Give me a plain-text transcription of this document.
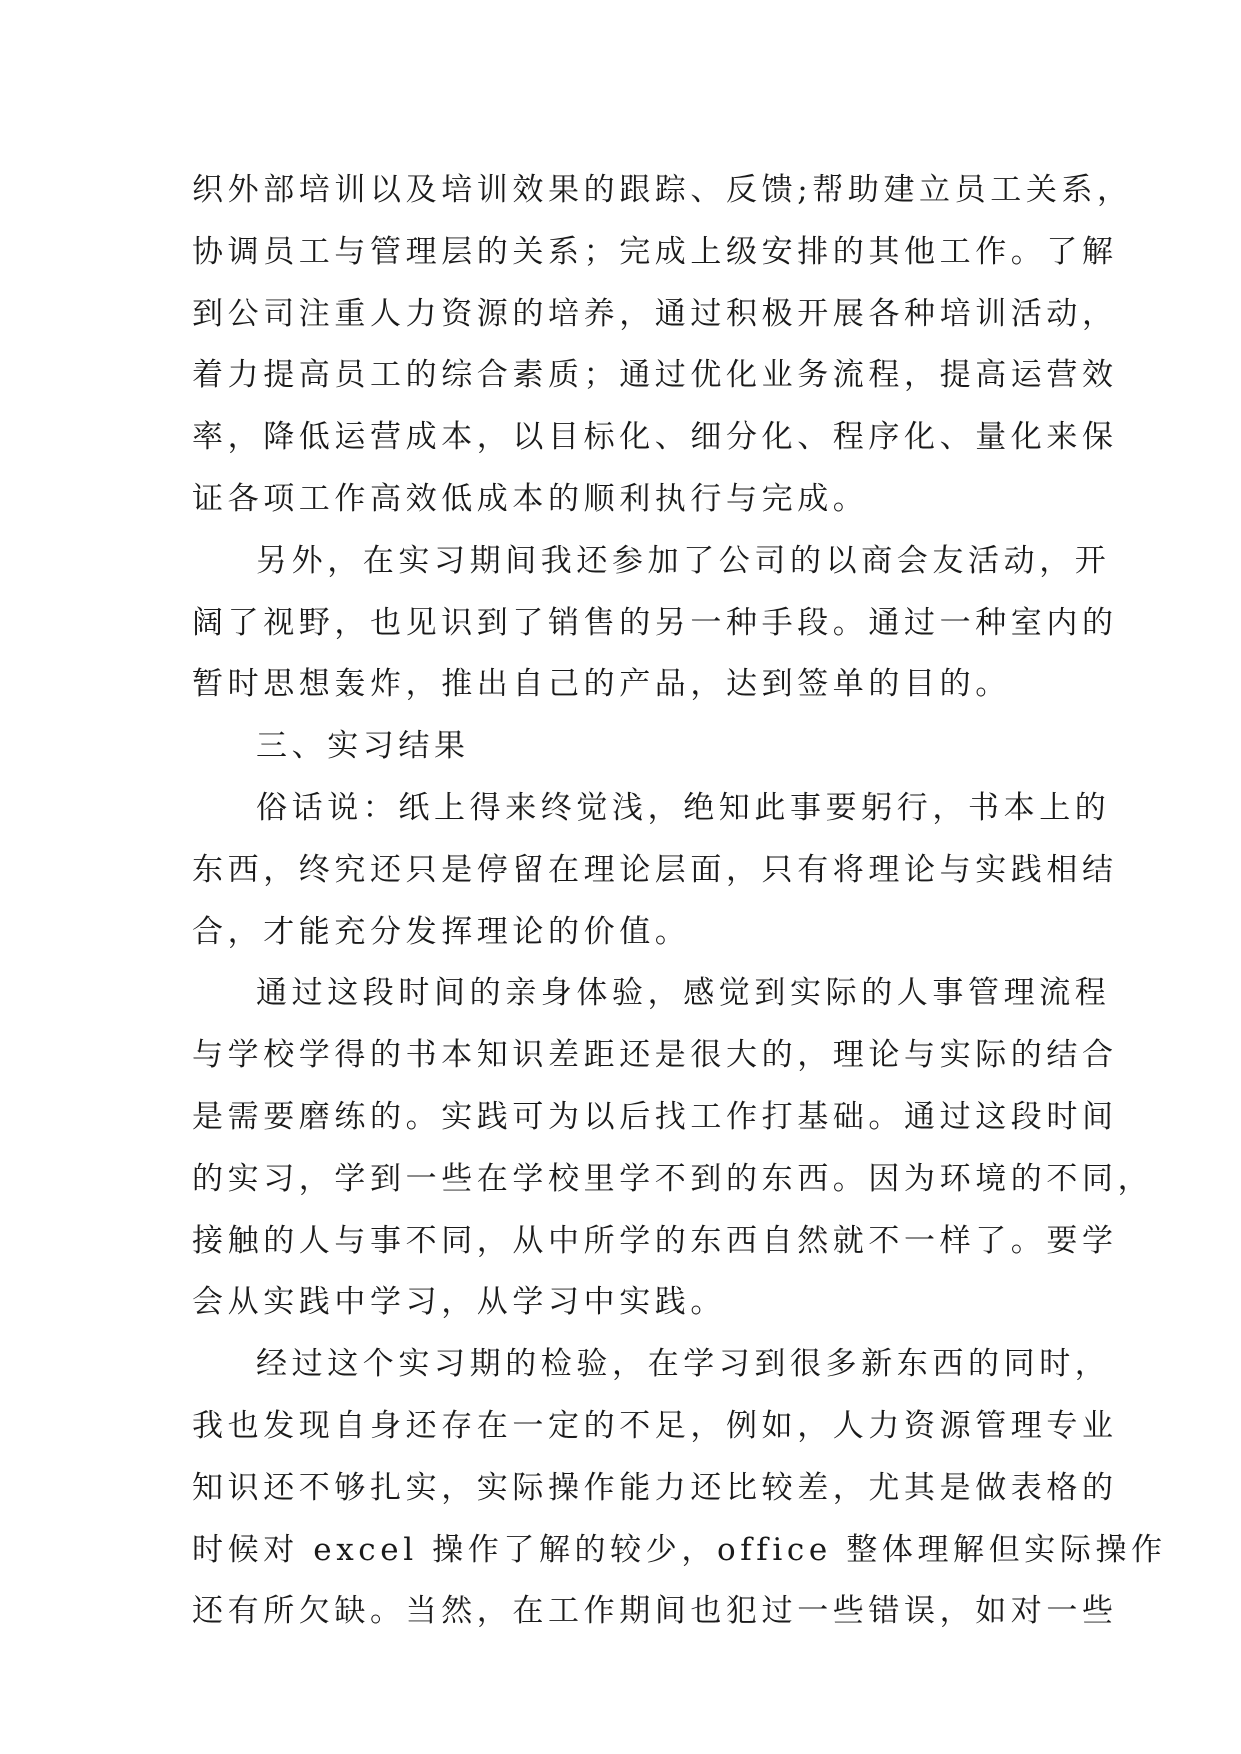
织外部培训以及培训效果的跟踪、反馈;帮助建立员工关系，
协调员工与管理层的关系；完成上级安排的其他工作。了解
到公司注重人力资源的培养，通过积极开展各种培训活动，
着力提高员工的综合素质；通过优化业务流程，提高运营效
率，降低运营成本，以目标化、细分化、程序化、量化来保
证各项工作高效低成本的顺利执行与完成。
另外，在实习期间我还参加了公司的以商会友活动，开
阔了视野，也见识到了销售的另一种手段。通过一种室内的
暂时思想轰炸，推出自己的产品，达到签单的目的。
三、实习结果
俗话说：纸上得来终觉浅，绝知此事要躬行，书本上的
东西，终究还只是停留在理论层面，只有将理论与实践相结
合，才能充分发挥理论的价值。
通过这段时间的亲身体验，感觉到实际的人事管理流程
与学校学得的书本知识差距还是很大的，理论与实际的结合
是需要磨练的。实践可为以后找工作打基础。通过这段时间
的实习，学到一些在学校里学不到的东西。因为环境的不同，
接触的人与事不同，从中所学的东西自然就不一样了。要学
会从实践中学习，从学习中实践。
经过这个实习期的检验，在学习到很多新东西的同时，
我也发现自身还存在一定的不足，例如，人力资源管理专业
知识还不够扎实，实际操作能力还比较差，尤其是做表格的
时候对 excel 操作了解的较少，office 整体理解但实际操作
还有所欠缺。当然，在工作期间也犯过一些错误，如对一些
